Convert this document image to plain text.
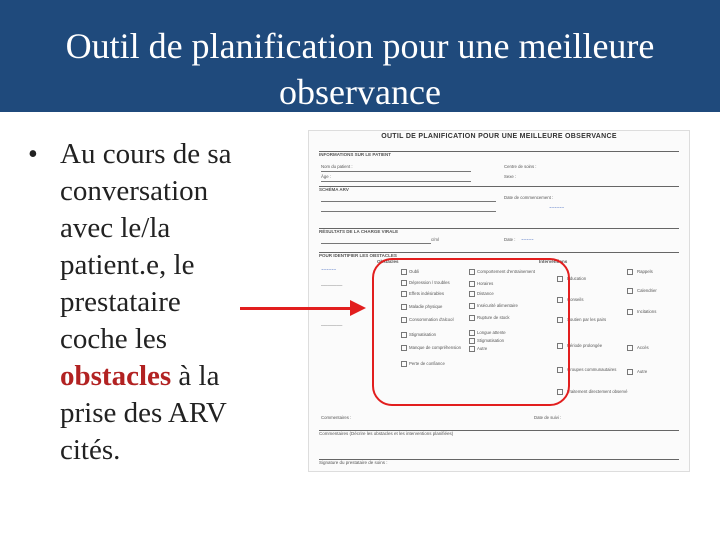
Outil de planification pour une meilleure
observance
• Au cours de sa
conversation
avec le/la
patient.e, le
prestataire
coche les
obstacles à la
prise des ARV
cités.
OUTIL DE PLANIFICATION POUR UNE MEILLEURE OBSERVANCE
INFORMATIONS SUR LE PATIENT
Nom du patient :	Centre de soins :
Âge :	Sexe :
SCHÉMA ARV
Date de commencement :
~~~~~~
RÉSULTATS DE LA CHARGE VIRALE
c/ml	Date : ~~~~~
POUR IDENTIFIER LES OBSTACLES
Obstacles	Interventions
~~~~~~
───────
───────
Oubli
Dépression / troubles
Effets indésirables
Maladie physique
Consommation d'alcool
Stigmatisation
Manque de compréhension
Perte de confiance
Comportement d'entrainement
Horaires
Distance
Insécurité alimentaire
Rupture de stock
Longue attente
Stigmatisation
Autre
Éducation
Conseils
Soutien par les pairs
Période prolongée
Groupes communautaires
Traitement directement observé
Rappels
Calendrier
Incitations
Accès
Autre
Commentaires :	Date de suivi :
Commentaires (Décrire les obstacles et les interventions planifiées)
Signature du prestataire de soins :
